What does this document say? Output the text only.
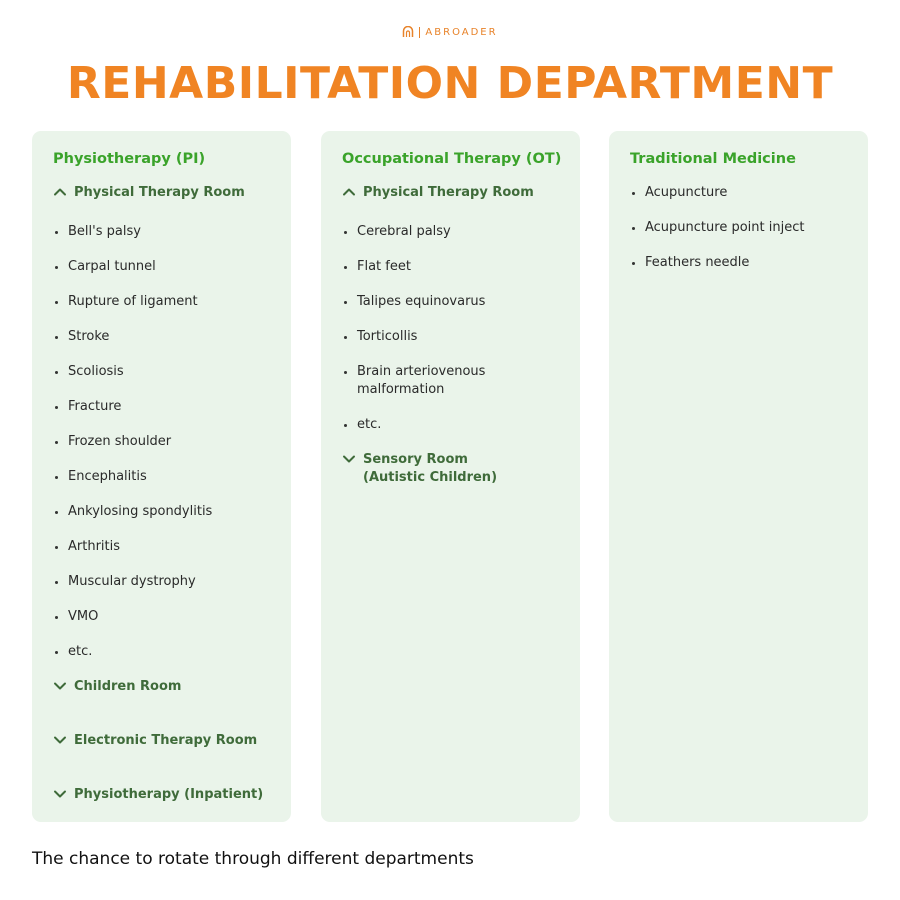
ABROADER
REHABILITATION DEPARTMENT
Physiotherapy (PI)
Physical Therapy Room
Bell's palsy
Carpal tunnel
Rupture of ligament
Stroke
Scoliosis
Fracture
Frozen shoulder
Encephalitis
Ankylosing spondylitis
Arthritis
Muscular dystrophy
VMO
etc.
Children Room
Electronic Therapy Room
Physiotherapy (Inpatient)
Occupational Therapy (OT)
Physical Therapy Room
Cerebral palsy
Flat feet
Talipes equinovarus
Torticollis
Brain arteriovenous
malformation
etc.
Sensory Room
(Autistic Children)
Traditional Medicine
Acupuncture
Acupuncture point inject
Feathers needle
The chance to rotate through different departments
